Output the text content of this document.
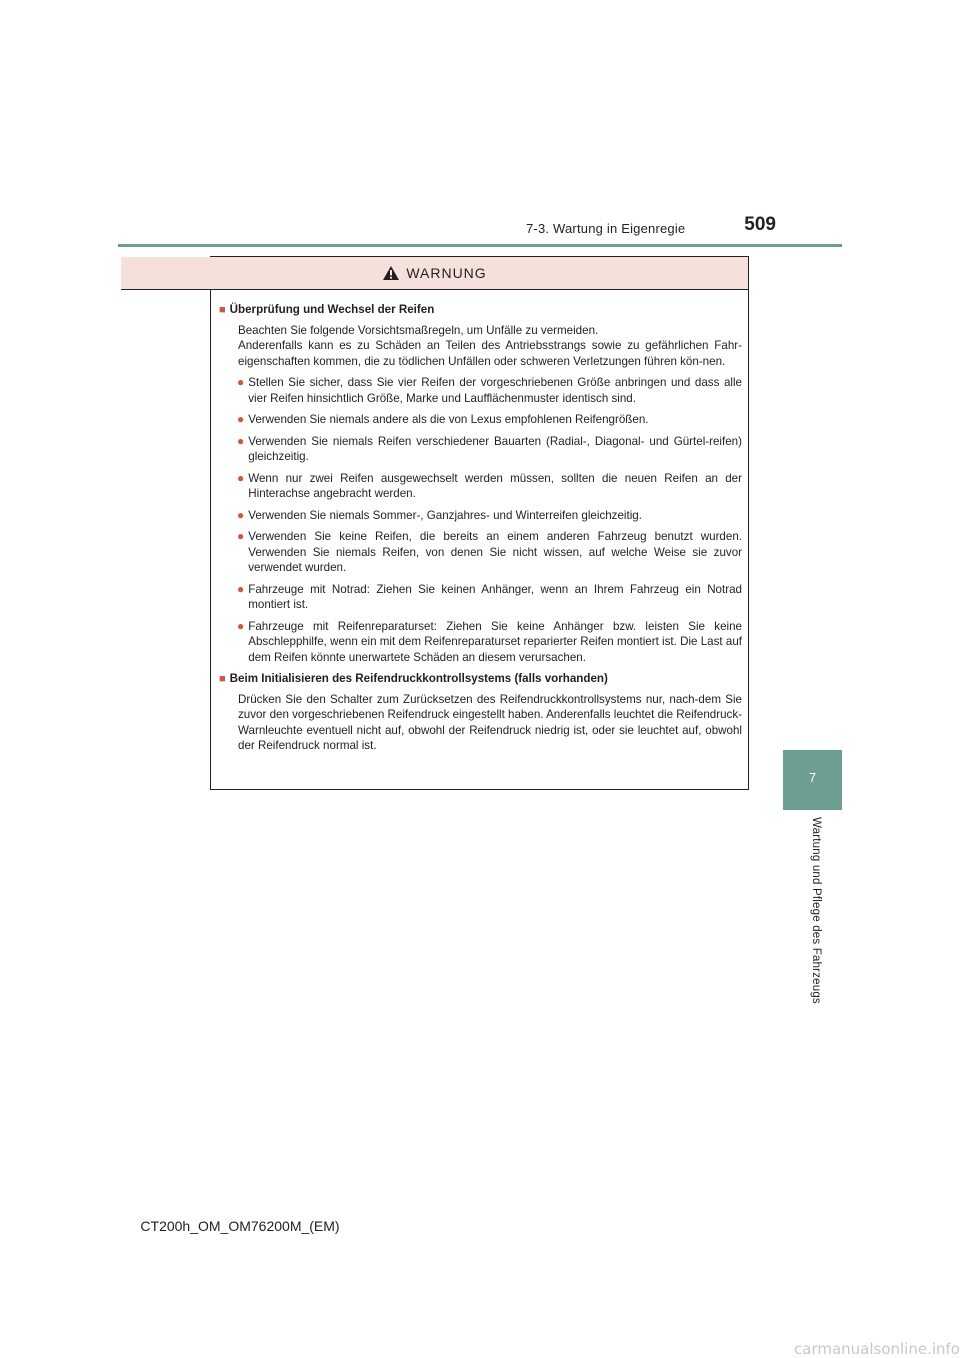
7-3. Wartung in Eigenregie	509
7
Wartung und Pflege des Fahrzeugs
WARNUNG
■ Überprüfung und Wechsel der Reifen
Beachten Sie folgende Vorsichtsmaßregeln, um Unfälle zu vermeiden.
Anderenfalls kann es zu Schäden an Teilen des Antriebsstrangs sowie zu gefährlichen Fahr-eigenschaften kommen, die zu tödlichen Unfällen oder schweren Verletzungen führen kön-nen.
● Stellen Sie sicher, dass Sie vier Reifen der vorgeschriebenen Größe anbringen und dass alle vier Reifen hinsichtlich Größe, Marke und Laufflächenmuster identisch sind.
● Verwenden Sie niemals andere als die von Lexus empfohlenen Reifengrößen.
● Verwenden Sie niemals Reifen verschiedener Bauarten (Radial-, Diagonal- und Gürtel-reifen) gleichzeitig.
● Wenn nur zwei Reifen ausgewechselt werden müssen, sollten die neuen Reifen an der Hinterachse angebracht werden.
● Verwenden Sie niemals Sommer-, Ganzjahres- und Winterreifen gleichzeitig.
● Verwenden Sie keine Reifen, die bereits an einem anderen Fahrzeug benutzt wurden. Verwenden Sie niemals Reifen, von denen Sie nicht wissen, auf welche Weise sie zuvor verwendet wurden.
● Fahrzeuge mit Notrad: Ziehen Sie keinen Anhänger, wenn an Ihrem Fahrzeug ein Notrad montiert ist.
● Fahrzeuge mit Reifenreparaturset: Ziehen Sie keine Anhänger bzw. leisten Sie keine Abschlepphilfe, wenn ein mit dem Reifenreparaturset reparierter Reifen montiert ist. Die Last auf dem Reifen könnte unerwartete Schäden an diesem verursachen.
■ Beim Initialisieren des Reifendruckkontrollsystems (falls vorhanden)
Drücken Sie den Schalter zum Zurücksetzen des Reifendruckkontrollsystems nur, nach-dem Sie zuvor den vorgeschriebenen Reifendruck eingestellt haben. Anderenfalls leuchtet die Reifendruck-Warnleuchte eventuell nicht auf, obwohl der Reifendruck niedrig ist, oder sie leuchtet auf, obwohl der Reifendruck normal ist.
CT200h_OM_OM76200M_(EM)
carmanualsonline.info
